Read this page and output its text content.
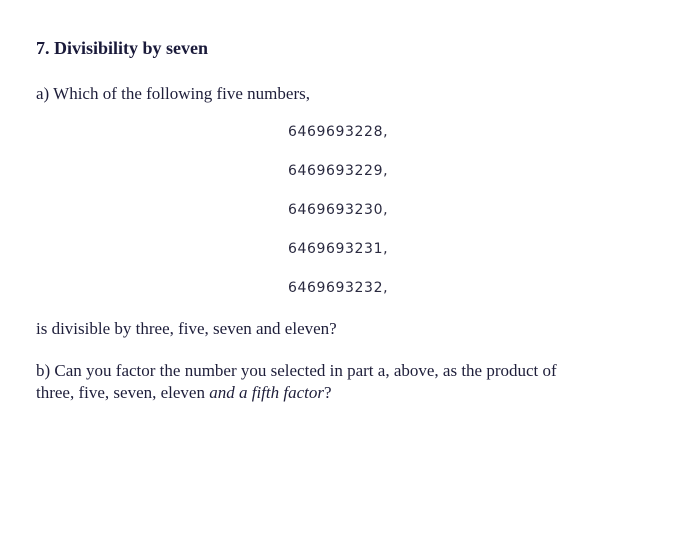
7. Divisibility by seven
a) Which of the following five numbers,
6469693228,
6469693229,
6469693230,
6469693231,
6469693232,
is divisible by three, five, seven and eleven?
b) Can you factor the number you selected in part a, above, as the product of
three, five, seven, eleven and a fifth factor?
